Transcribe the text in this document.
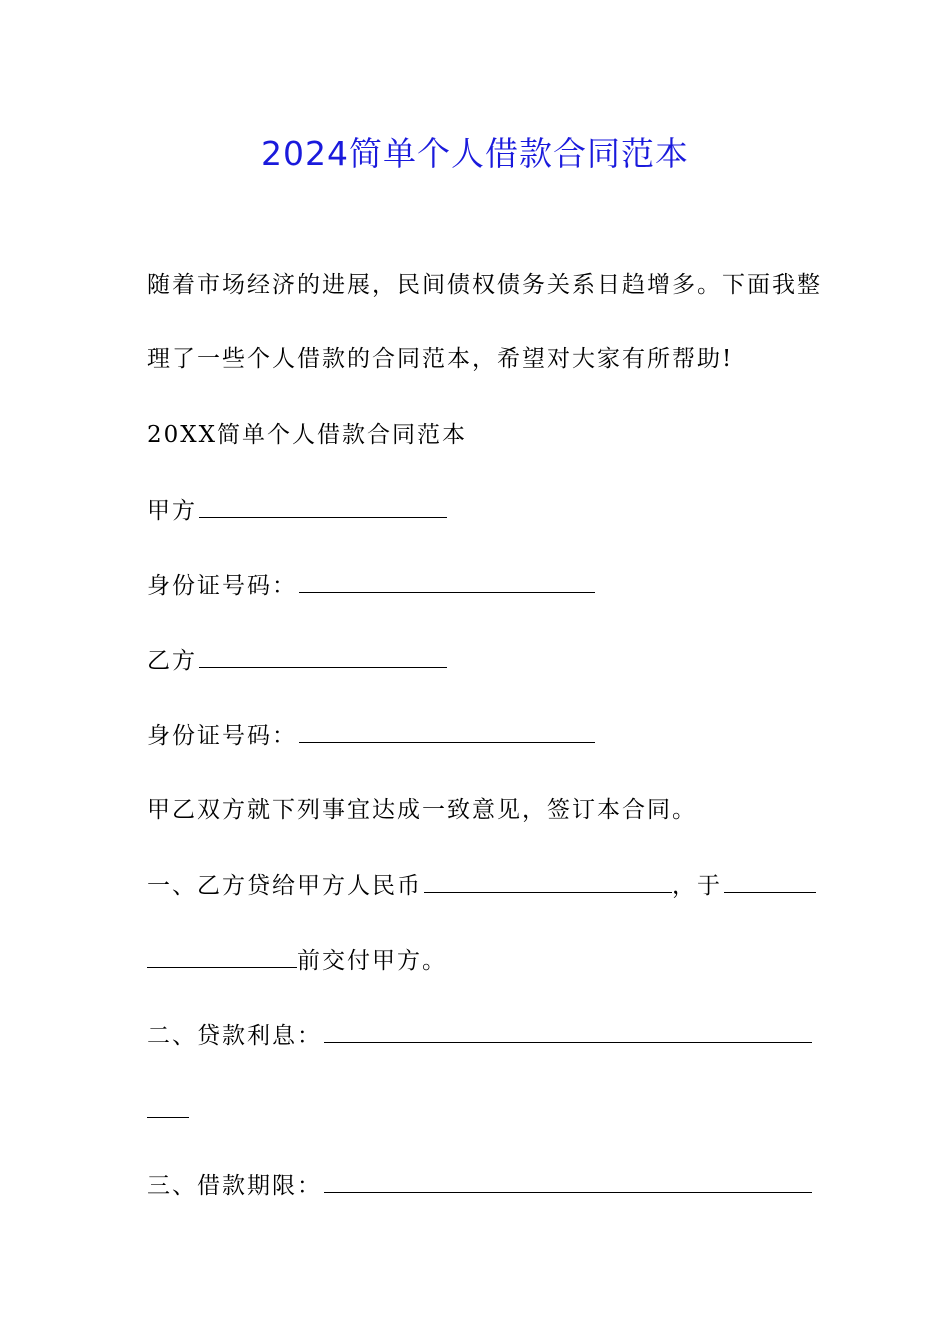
2024简单个人借款合同范本
随着市场经济的进展，民间债权债务关系日趋增多。下面我整
理了一些个人借款的合同范本，希望对大家有所帮助!
20XX简单个人借款合同范本
甲方
身份证号码：
乙方
身份证号码：
甲乙双方就下列事宜达成一致意见，签订本合同。
一、乙方贷给甲方人民币	，于
前交付甲方。
二、贷款利息：
三、借款期限：
